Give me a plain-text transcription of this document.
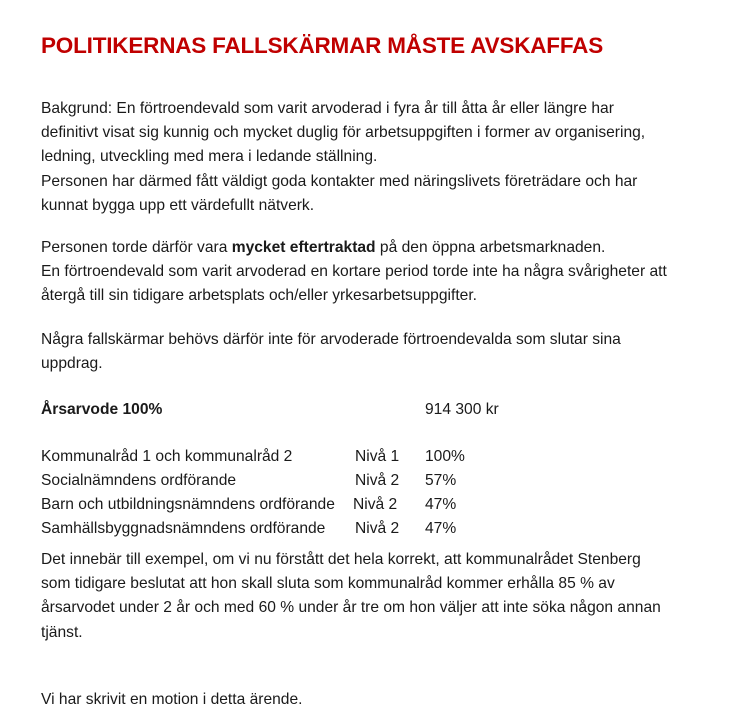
POLITIKERNAS FALLSKÄRMAR MÅSTE AVSKAFFAS

Bakgrund: En förtroendevald som varit arvoderad i fyra år till åtta år eller längre har
definitivt visat sig kunnig och mycket duglig för arbetsuppgiften i former av organisering,
ledning, utveckling med mera i ledande ställning.
Personen har därmed fått väldigt goda kontakter med näringslivets företrädare och har
kunnat bygga upp ett värdefullt nätverk.

Personen torde därför vara mycket eftertraktad på den öppna arbetsmarknaden.
En förtroendevald som varit arvoderad en kortare period torde inte ha några svårigheter att
återgå till sin tidigare arbetsplats och/eller yrkesarbetsuppgifter.

Några fallskärmar behövs därför inte för arvoderade förtroendevalda som slutar sina
uppdrag.

Årsarvode 100%	914 300 kr
Kommunalråd 1 och kommunalråd 2	Nivå 1 100%
Socialnämndens ordförande	Nivå 2 57%
Barn och utbildningsnämndens ordförande Nivå 2 47%
Samhällsbyggnadsnämndens ordförande Nivå 2 47%

Det innebär till exempel, om vi nu förstått det hela korrekt, att kommunalrådet Stenberg
som tidigare beslutat att hon skall sluta som kommunalråd kommer erhålla 85 % av
årsarvodet under 2 år och med 60 % under år tre om hon väljer att inte söka någon annan
tjänst.

Vi har skrivit en motion i detta ärende.
